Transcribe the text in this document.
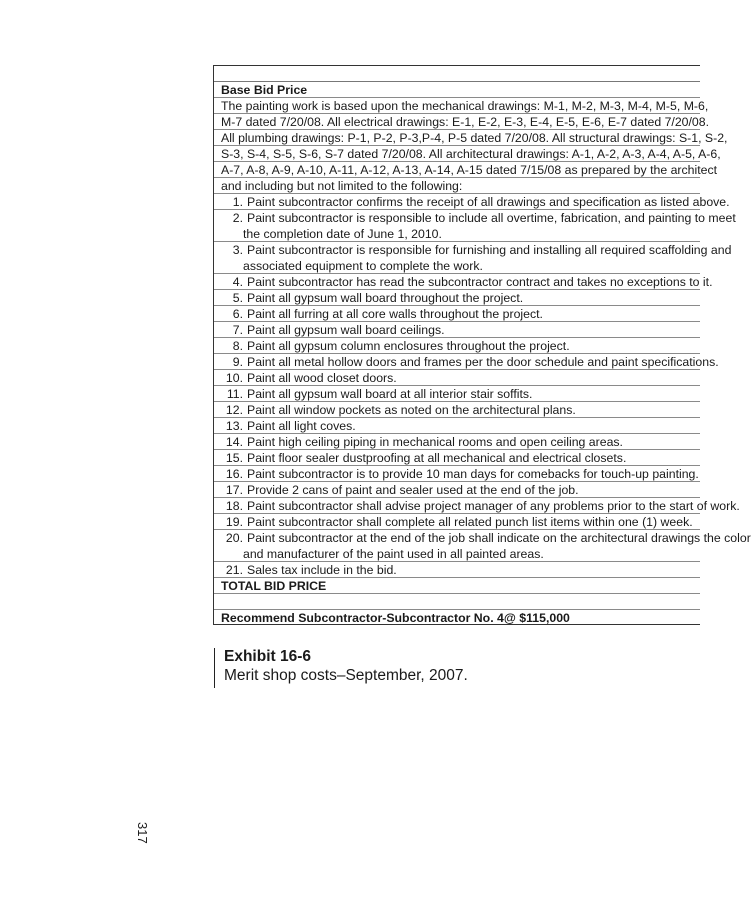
Base Bid Price
The painting work is based upon the mechanical drawings: M-1, M-2, M-3, M-4, M-5, M-6,
M-7 dated 7/20/08. All electrical drawings: E-1, E-2, E-3, E-4, E-5, E-6, E-7 dated 7/20/08.
All plumbing drawings: P-1, P-2, P-3,P-4, P-5 dated 7/20/08. All structural drawings: S-1, S-2,
S-3, S-4, S-5, S-6, S-7 dated 7/20/08. All architectural drawings: A-1, A-2, A-3, A-4, A-5, A-6,
A-7, A-8, A-9, A-10, A-11, A-12, A-13, A-14, A-15 dated 7/15/08 as prepared by the architect
and including but not limited to the following:
1. Paint subcontractor confirms the receipt of all drawings and specification as listed above.
2. Paint subcontractor is responsible to include all overtime, fabrication, and painting to meet
the completion date of June 1, 2010.
3. Paint subcontractor is responsible for furnishing and installing all required scaffolding and
associated equipment to complete the work.
4. Paint subcontractor has read the subcontractor contract and takes no exceptions to it.
5. Paint all gypsum wall board throughout the project.
6. Paint all furring at all core walls throughout the project.
7. Paint all gypsum wall board ceilings.
8. Paint all gypsum column enclosures throughout the project.
9. Paint all metal hollow doors and frames per the door schedule and paint specifications.
10. Paint all wood closet doors.
11. Paint all gypsum wall board at all interior stair soffits.
12. Paint all window pockets as noted on the architectural plans.
13. Paint all light coves.
14. Paint high ceiling piping in mechanical rooms and open ceiling areas.
15. Paint floor sealer dustproofing at all mechanical and electrical closets.
16. Paint subcontractor is to provide 10 man days for comebacks for touch-up painting.
17. Provide 2 cans of paint and sealer used at the end of the job.
18. Paint subcontractor shall advise project manager of any problems prior to the start of work.
19. Paint subcontractor shall complete all related punch list items within one (1) week.
20. Paint subcontractor at the end of the job shall indicate on the architectural drawings the color
and manufacturer of the paint used in all painted areas.
21. Sales tax include in the bid.
TOTAL BID PRICE
Recommend Subcontractor-Subcontractor No. 4@ $115,000
Exhibit 16-6
Merit shop costs–September, 2007.
317
